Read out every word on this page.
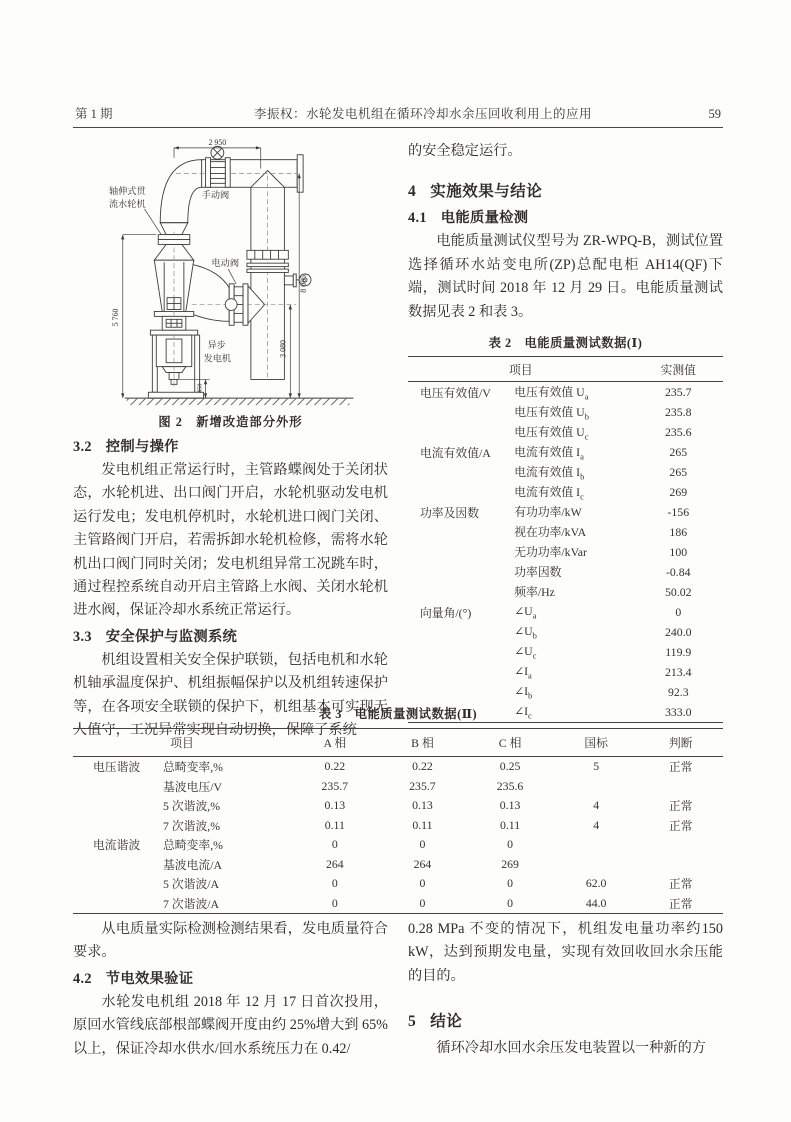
第 1 期	李振权：水轮发电机组在循环冷却水余压回收利用上的应用	59
2 950
5 760
8 085
3 080
450
轴伸式贯
流水轮机
手动阀
电动阀
异步
发电机
图 2　新增改造部分外形
3.2 控制与操作

发电机组正常运行时，主管路蝶阀处于关闭状态，水轮机进、出口阀门开启，水轮机驱动发电机运行发电；发电机停机时，水轮机进口阀门关闭、主管路阀门开启，若需拆卸水轮机检修，需将水轮机出口阀门同时关闭；发电机组异常工况跳车时，通过程控系统自动开启主管路上水阀、关闭水轮机进水阀，保证冷却水系统正常运行。

3.3 安全保护与监测系统

机组设置相关安全保护联锁，包括电机和水轮机轴承温度保护、机组振幅保护以及机组转速保护等，在各项安全联锁的保护下，机组基本可实现无人值守，工况异常实现自动切换，保障了系统

的安全稳定运行。

4 实施效果与结论
4.1 电能质量检测

电能质量测试仪型号为 ZR-WPQ-B，测试位置选择循环水站变电所(ZP)总配电柜 AH14(QF)下端，测试时间 2018 年 12 月 29 日。电能质量测试数据见表 2 和表 3。

表 2　电能质量测试数据(Ⅰ)
项目		实测值
电压有效值/V	电压有效值 $U_a$	235.7
	电压有效值 $U_b$	235.8
	电压有效值 $U_c$	235.6
电流有效值/A	电流有效值 $I_a$	265
	电流有效值 $I_b$	265
	电流有效值 $I_c$	269
功率及因数	有功功率/kW	-156
	视在功率/kVA	186
	无功功率/kVar	100
	功率因数	-0.84
	频率/Hz	50.02
向量角/(°)	$\angle U_a$	0
	$\angle U_b$	240.0
	$\angle U_c$	119.9
	$\angle I_a$	213.4
	$\angle I_b$	92.3
	$\angle I_c$	333.0
表 3　电能质量测试数据(Ⅱ)
项目		A 相	B 相	C 相	国标	判断
电压谐波	总畸变率,%	0.22	0.22	0.25	5	正常
	基波电压/V	235.7	235.7	235.6		
	5 次谐波,%	0.13	0.13	0.13	4	正常
	7 次谐波,%	0.11	0.11	0.11	4	正常
电流谐波	总畸变率,%	0	0	0		
	基波电流/A	264	264	269		
	5 次谐波/A	0	0	0	62.0	正常
	7 次谐波/A	0	0	0	44.0	正常

从电质量实际检测检测结果看，发电质量符合要求。

4.2 节电效果验证

水轮发电机组 2018 年 12 月 17 日首次投用，原回水管线底部根部蝶阀开度由约 25%增大到 65%以上，保证冷却水供水/回水系统压力在 0.42/

0.28 MPa 不变的情况下，机组发电量功率约150 kW，达到预期发电量，实现有效回收回水余压能的目的。

5 结论

循环冷却水回水余压发电装置以一种新的方
